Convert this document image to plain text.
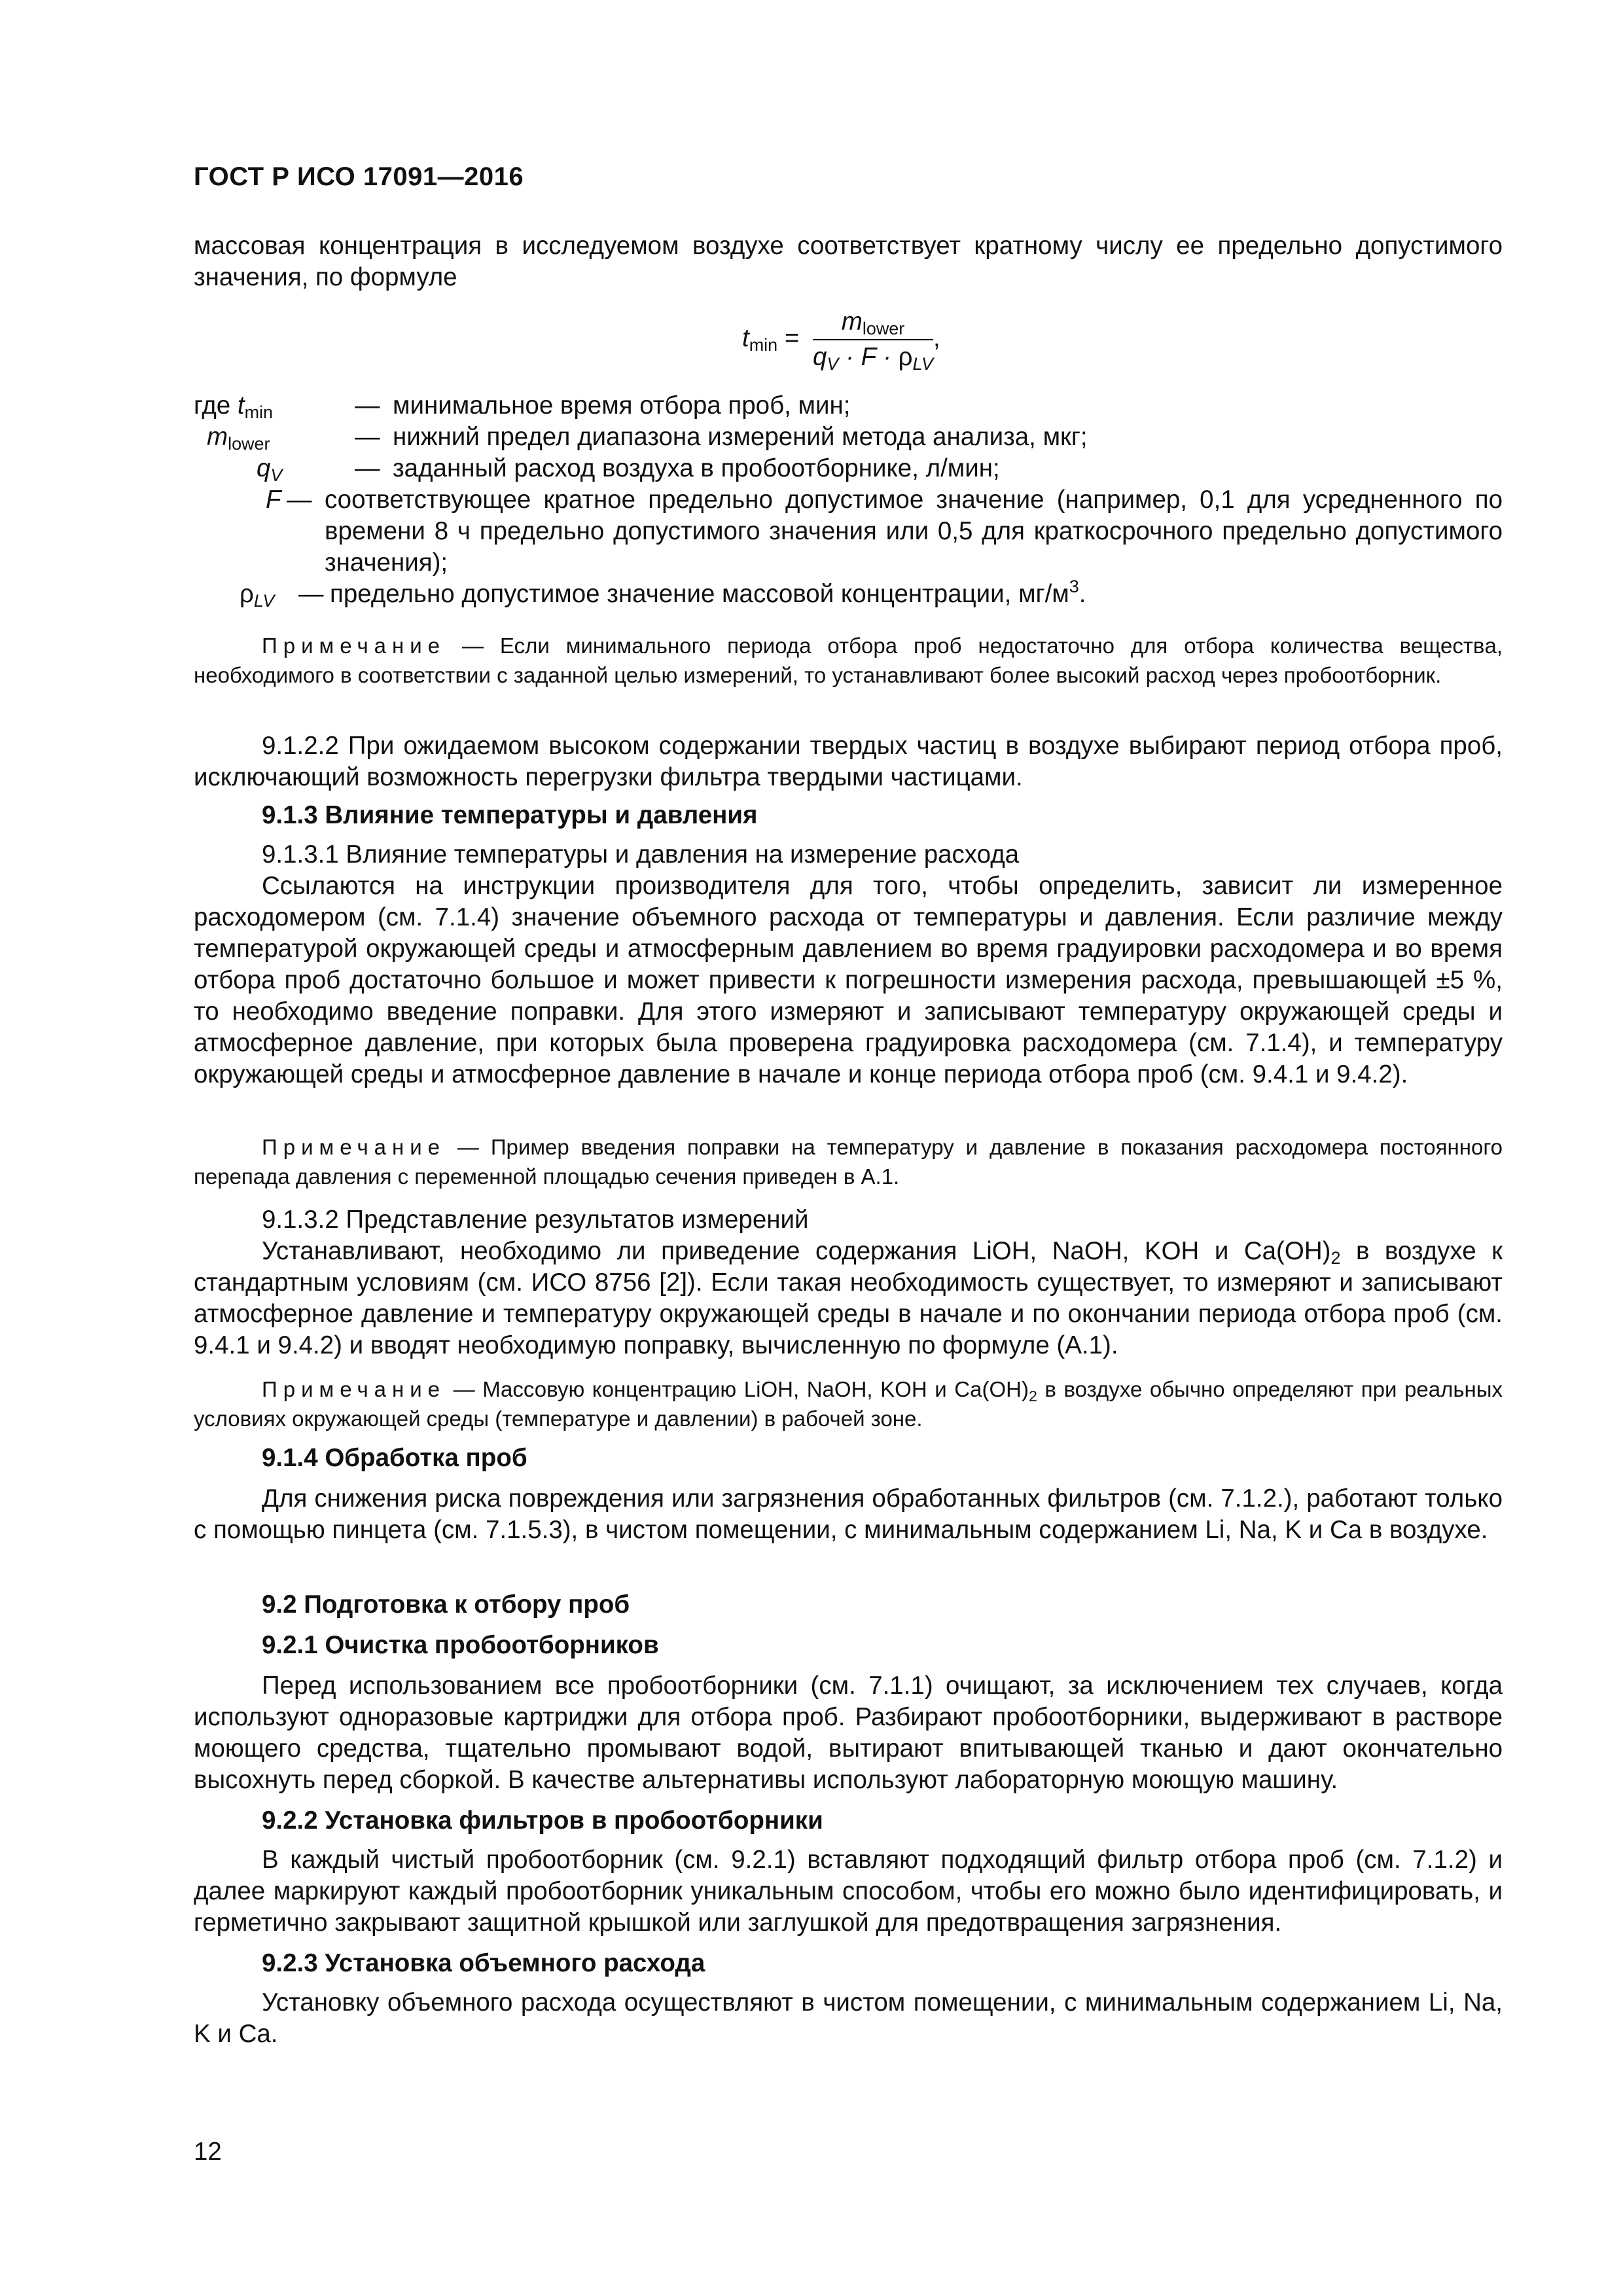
ГОСТ Р ИСО 17091—2016
массовая концентрация в исследуемом воздухе соответствует кратному числу ее предельно допустимого значения, по формуле
$t_{min} = \frac{m_{lower}}{q_V \cdot F \cdot \rho_{LV}}$ ,
где $t_{min}$	— минимальное время отбора проб, мин;
$m_{lower}$	— нижний предел диапазона измерений метода анализа, мкг;
$q_V$	— заданный расход воздуха в пробоотборнике, л/мин;
F — соответствующее кратное предельно допустимое значение (например, 0,1 для усредненного по времени 8 ч предельно допустимого значения или 0,5 для краткосрочного предельно допустимого значения);
$\rho_{LV}$ — предельно допустимое значение массовой концентрации, $мг/м^3$.
Примечание — Если минимального периода отбора проб недостаточно для отбора количества веществa, необходимого в соответствии с заданной целью измерений, то устанавливают более высокий расход через пробоотборник.
9.1.2.2 При ожидаемом высоком содержании твердых частиц в воздухе выбирают период отбора проб, исключающий возможность перегрузки фильтра твердыми частицами.
9.1.3 Влияние температуры и давления
9.1.3.1 Влияние температуры и давления на измерение расхода
Ссылаются на инструкции производителя для того, чтобы определить, зависит ли измеренное расходомером (см. 7.1.4) значение объемного расхода от температуры и давления. Если различие между температурой окружающей среды и атмосферным давлением во время градуировки расходомера и во время отбора проб достаточно большое и может привести к погрешности измерения расхода, превышающей ±5 %, то необходимо введение поправки. Для этого измеряют и записывают температуру окружающей среды и атмосферное давление, при которых была проверена градуировка расходомера (см. 7.1.4), и температуру окружающей среды и атмосферное давление в начале и конце периода отбора проб (см. 9.4.1 и 9.4.2).
Примечание — Пример введения поправки на температуру и давление в показания расходомера постоянного перепада давления с переменной площадью сечения приведен в А.1.
9.1.3.2 Представление результатов измерений
Устанавливают, необходимо ли приведение содержания LiOH, NaOH, KOH и $Ca(OH)_2$ в воздухе к стандартным условиям (см. ИСО 8756 [2]). Если такая необходимость существует, то измеряют и записывают атмосферное давление и температуру окружающей среды в начале и по окончании периода отбора проб (см. 9.4.1 и 9.4.2) и вводят необходимую поправку, вычисленную по формуле (А.1).
Примечание — Массовую концентрацию LiOH, NaOH, KOH и $Ca(OH)_2$ в воздухе обычно определяют при реальных условиях окружающей среды (температуре и давлении) в рабочей зоне.
9.1.4 Обработка проб
Для снижения риска повреждения или загрязнения обработанных фильтров (см. 7.1.2.), работают только с помощью пинцета (см. 7.1.5.3), в чистом помещении, с минимальным содержанием Li, Na, K и Ca в воздухе.
9.2 Подготовка к отбору проб
9.2.1 Очистка пробоотборников
Перед использованием все пробоотборники (см. 7.1.1) очищают, за исключением тех случаев, когда используют одноразовые картриджи для отбора проб. Разбирают пробоотборники, выдерживают в растворе моющего средства, тщательно промывают водой, вытирают впитывающей тканью и дают окончательно высохнуть перед сборкой. В качестве альтернативы используют лабораторную моющую машину.
9.2.2 Установка фильтров в пробоотборники
В каждый чистый пробоотборник (см. 9.2.1) вставляют подходящий фильтр отбора проб (см. 7.1.2) и далее маркируют каждый пробоотборник уникальным способом, чтобы его можно было идентифицировать, и герметично закрывают защитной крышкой или заглушкой для предотвращения загрязнения.
9.2.3 Установка объемного расхода
Установку объемного расхода осуществляют в чистом помещении, с минимальным содержанием Li, Na, K и Ca.
12
